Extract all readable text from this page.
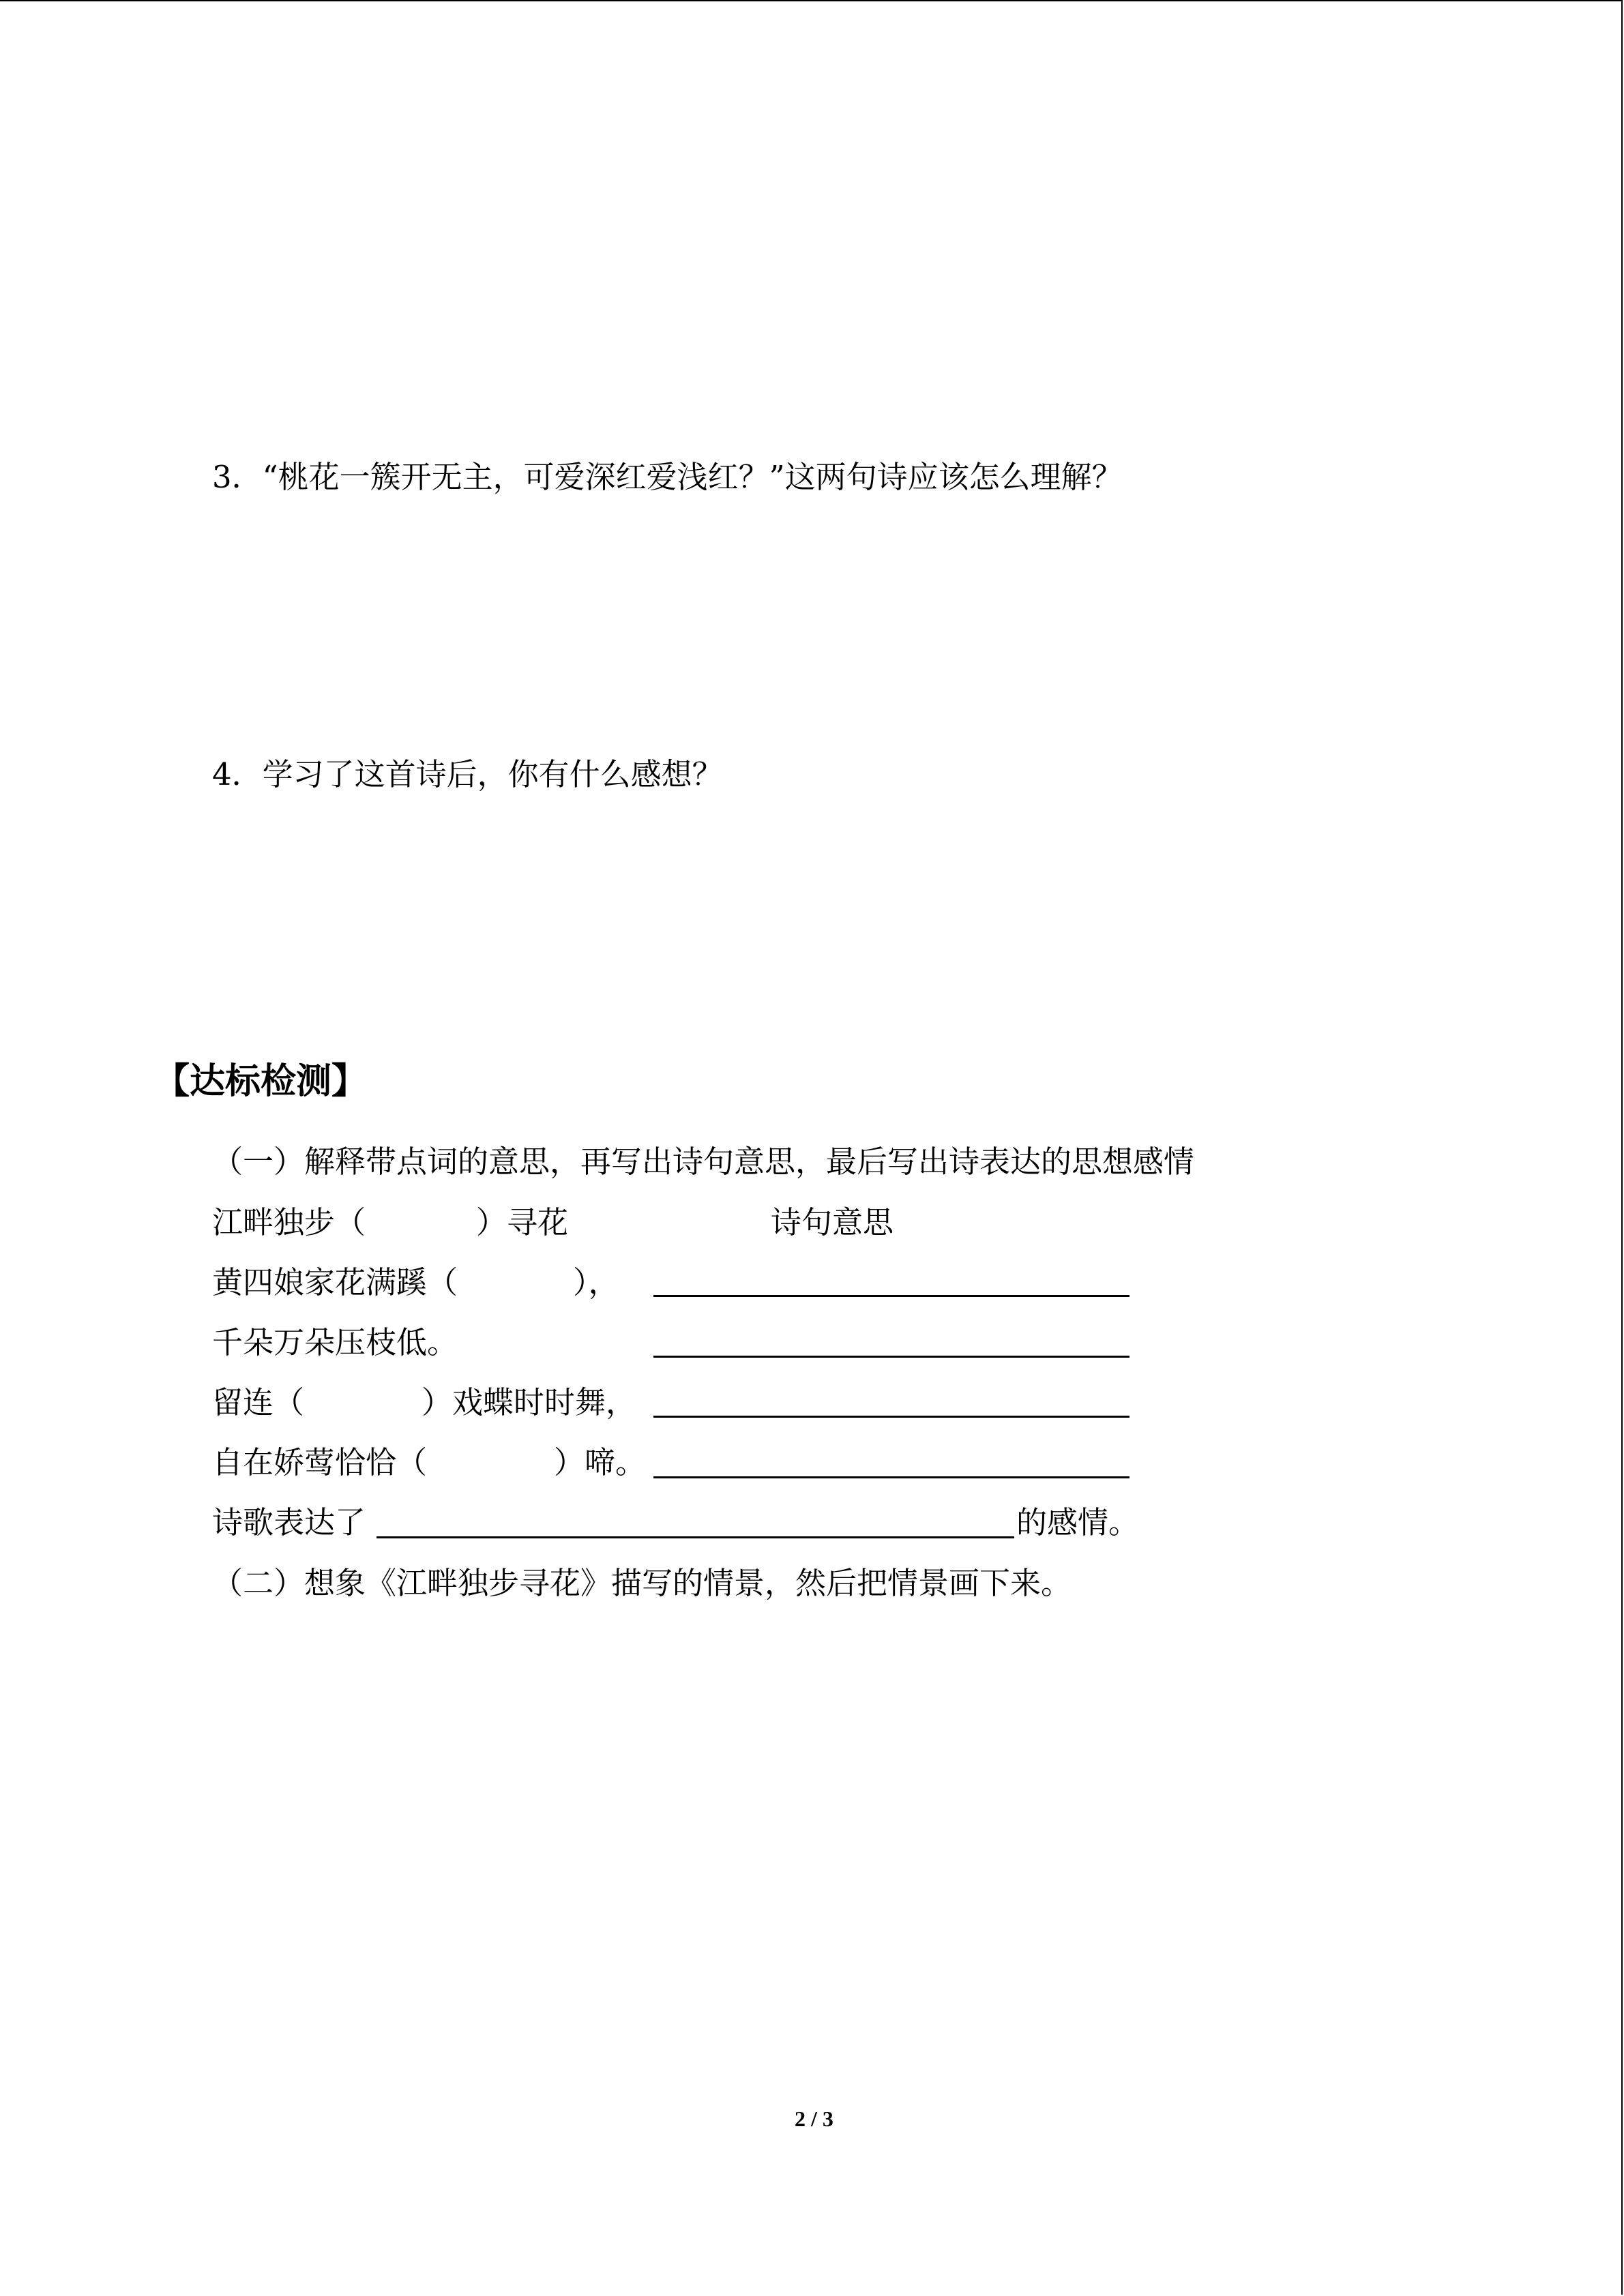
3．“桃花一簇开无主，可爱深红爱浅红？”这两句诗应该怎么理解？
4．学习了这首诗后，你有什么感想？
【达标检测】
（一）解释带点词的意思，再写出诗句意思，最后写出诗表达的思想感情
江畔独步（	）寻花	诗句意思
黄四娘家花满蹊（	），
千朵万朵压枝低。
留连（	）戏蝶时时舞，
自在娇莺恰恰（	）啼。
诗歌表达了	的感情。
（二）想象《江畔独步寻花》描写的情景，然后把情景画下来。
2 / 3
